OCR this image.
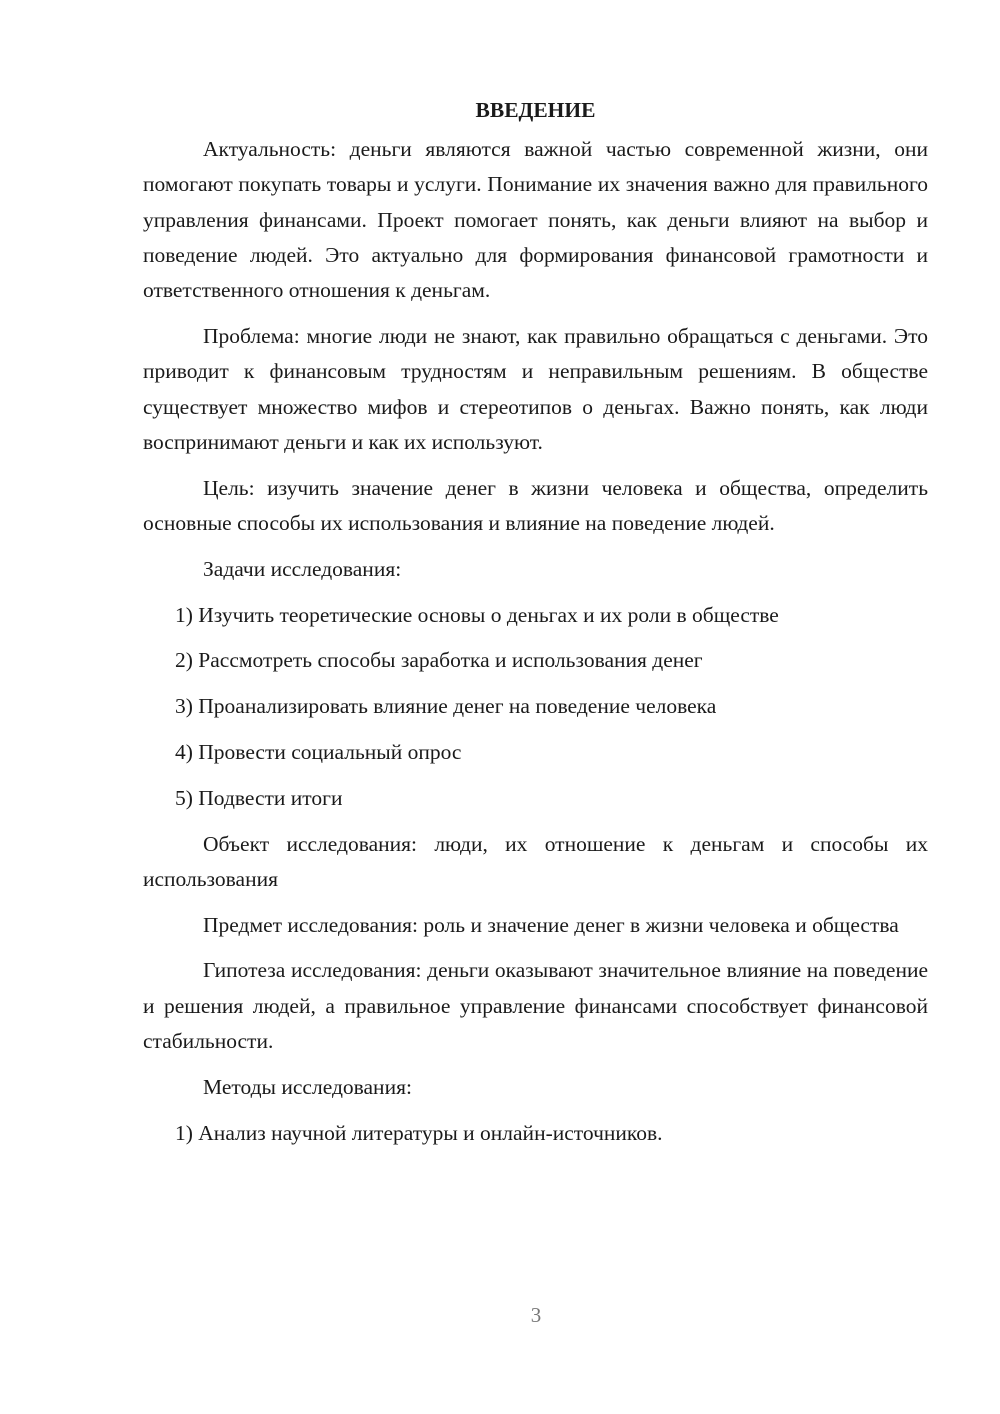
ВВЕДЕНИЕ

Актуальность: деньги являются важной частью современной жизни, они помогают покупать товары и услуги. Понимание их значения важно для правильного управления финансами. Проект помогает понять, как деньги влияют на выбор и поведение людей. Это актуально для формирования финансовой грамотности и ответственного отношения к деньгам.

Проблема: многие люди не знают, как правильно обращаться с деньгами. Это приводит к финансовым трудностям и неправильным решениям. В обществе существует множество мифов и стереотипов о деньгах. Важно понять, как люди воспринимают деньги и как их используют.

Цель: изучить значение денег в жизни человека и общества, определить основные способы их использования и влияние на поведение людей.

Задачи исследования:

1) Изучить теоретические основы о деньгах и их роли в обществе

2) Рассмотреть способы заработка и использования денег

3) Проанализировать влияние денег на поведение человека

4) Провести социальный опрос

5) Подвести итоги

Объект исследования: люди, их отношение к деньгам и способы их использования

Предмет исследования: роль и значение денег в жизни человека и общества

Гипотеза исследования: деньги оказывают значительное влияние на поведение и решения людей, а правильное управление финансами способствует финансовой стабильности.

Методы исследования:

1) Анализ научной литературы и онлайн-источников.

3
